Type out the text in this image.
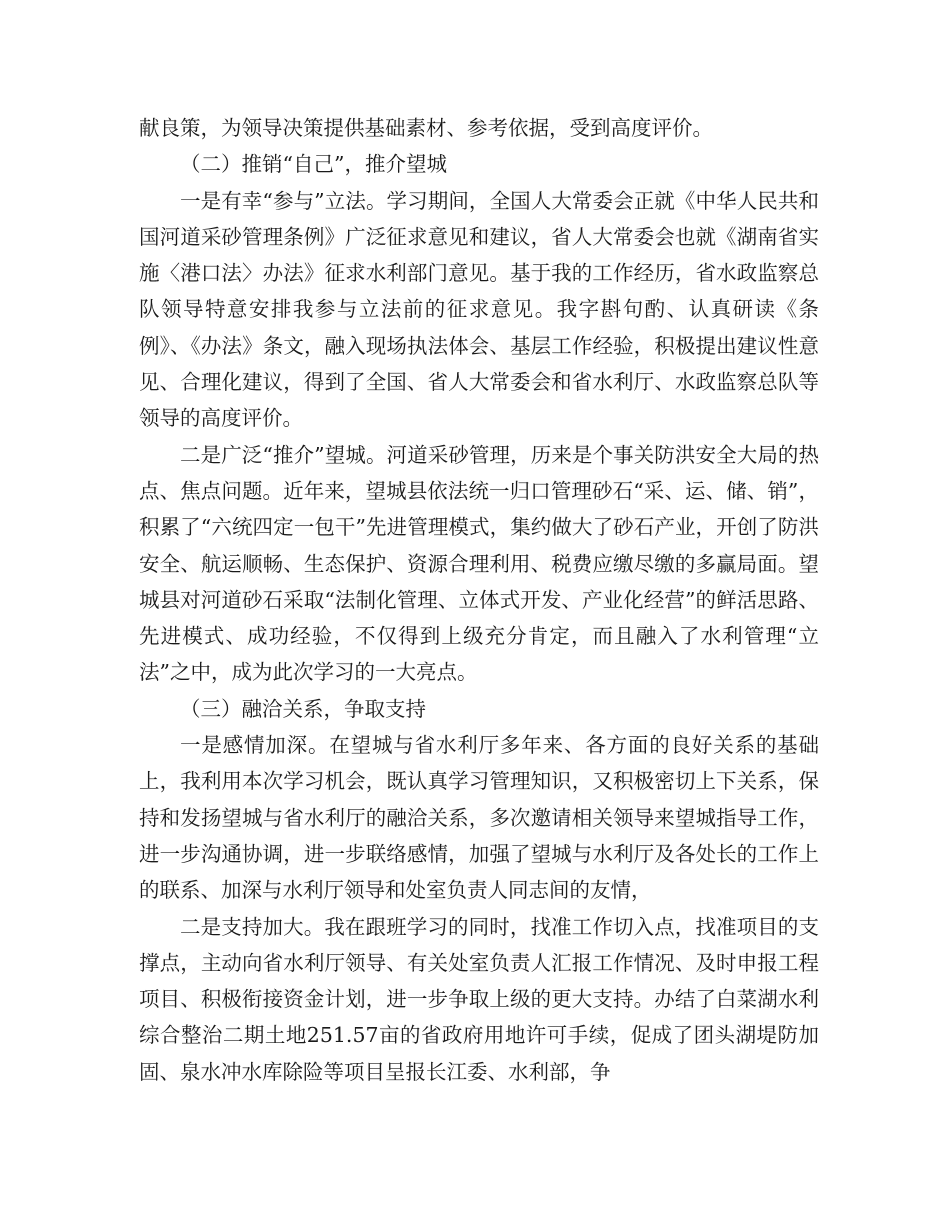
献良策，为领导决策提供基础素材、参考依据，受到高度评价。

（二）推销“自己”，推介望城

一是有幸“参与”立法。学习期间，全国人大常委会正就《中华人民共和国河道采砂管理条例》广泛征求意见和建议，省人大常委会也就《湖南省实施〈港口法〉办法》征求水利部门意见。基于我的工作经历，省水政监察总队领导特意安排我参与立法前的征求意见。我字斟句酌、认真研读《条例》、《办法》条文，融入现场执法体会、基层工作经验，积极提出建议性意见、合理化建议，得到了全国、省人大常委会和省水利厅、水政监察总队等领导的高度评价。

二是广泛“推介”望城。河道采砂管理，历来是个事关防洪安全大局的热点、焦点问题。近年来，望城县依法统一归口管理砂石“采、运、储、销”，积累了“六统四定一包干”先进管理模式，集约做大了砂石产业，开创了防洪安全、航运顺畅、生态保护、资源合理利用、税费应缴尽缴的多赢局面。望城县对河道砂石采取“法制化管理、立体式开发、产业化经营”的鲜活思路、先进模式、成功经验，不仅得到上级充分肯定，而且融入了水利管理“立法”之中，成为此次学习的一大亮点。

（三）融洽关系，争取支持

一是感情加深。在望城与省水利厅多年来、各方面的良好关系的基础上，我利用本次学习机会，既认真学习管理知识，又积极密切上下关系，保持和发扬望城与省水利厅的融洽关系，多次邀请相关领导来望城指导工作，进一步沟通协调，进一步联络感情，加强了望城与水利厅及各处长的工作上的联系、加深与水利厅领导和处室负责人同志间的友情，

二是支持加大。我在跟班学习的同时，找准工作切入点，找准项目的支撑点，主动向省水利厅领导、有关处室负责人汇报工作情况、及时申报工程项目、积极衔接资金计划，进一步争取上级的更大支持。办结了白菜湖水利综合整治二期土地251.57亩的省政府用地许可手续，促成了团头湖堤防加固、泉水冲水库除险等项目呈报长江委、水利部，争
